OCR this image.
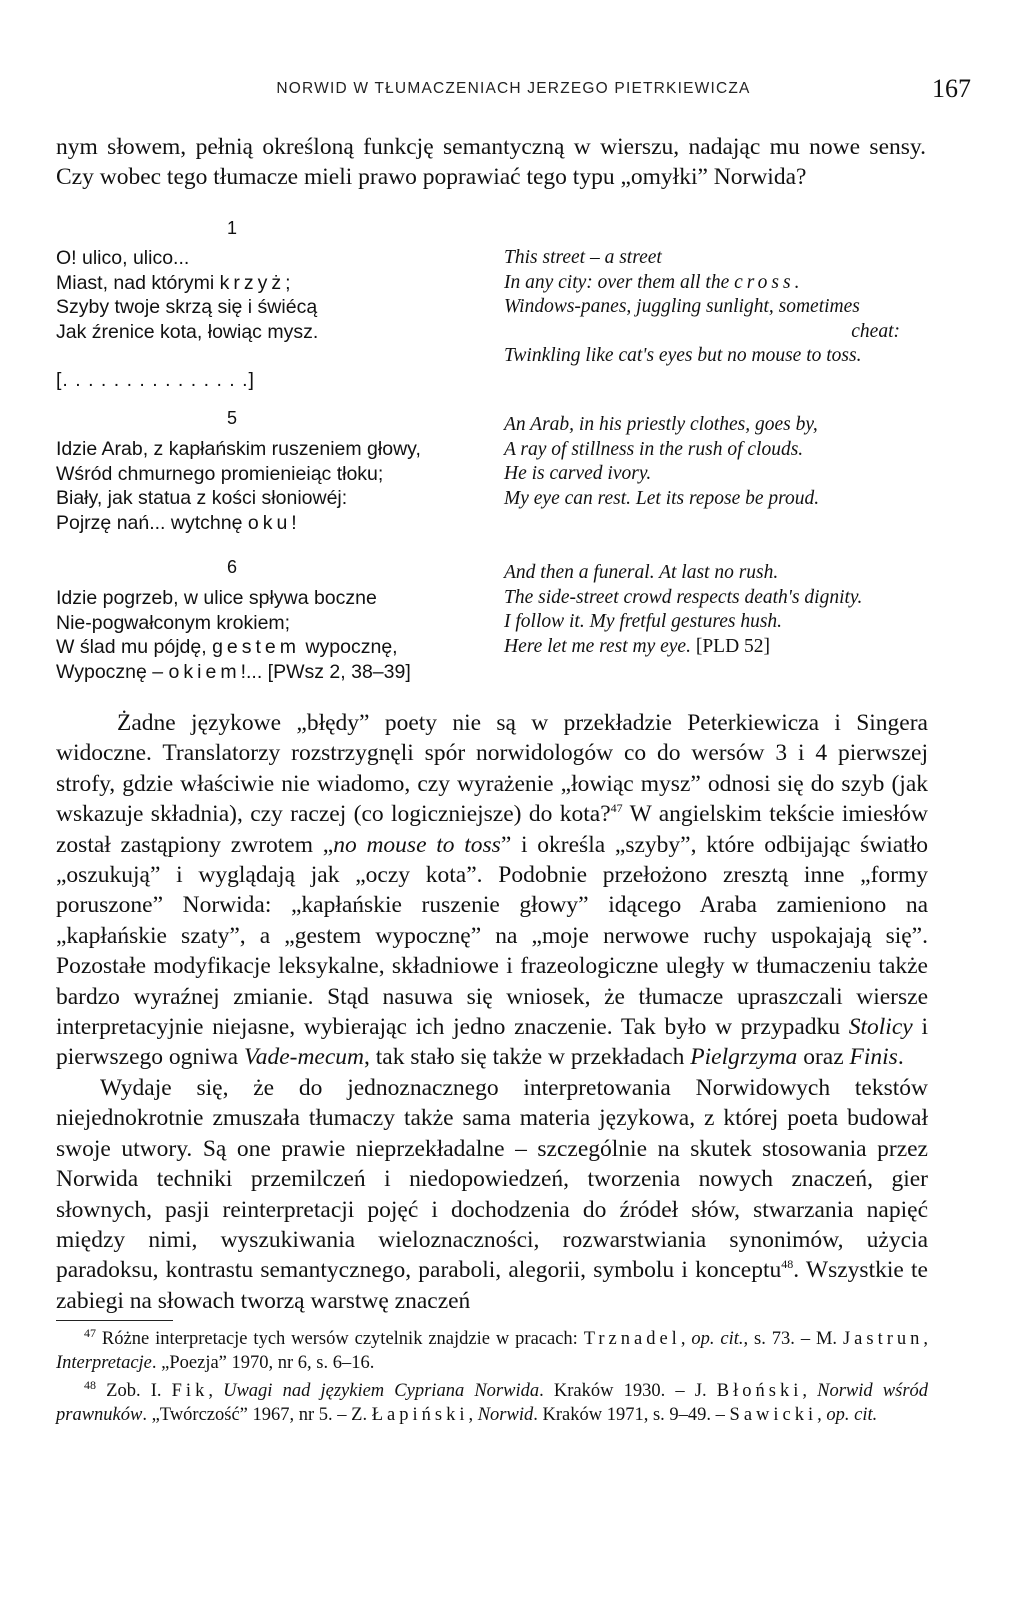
NORWID W TŁUMACZENIACH JERZEGO PIETRKIEWICZA	167
nym słowem, pełnią określoną funkcję semantyczną w wierszu, nadając mu nowe sensy. Czy wobec tego tłumacze mieli prawo poprawiać tego typu „omyłki” Norwida?
1
O! ulico, ulico...
Miast, nad którymi krzyż;
Szyby twoje skrzą się i świécą
Jak źrenice kota, łowiąc mysz.
This street – a street
In any city: over them all the cross.
Windows-panes, juggling sunlight, sometimes
cheat:
Twinkling like cat's eyes but no mouse to toss.
[. . . . . . . . . . . . . . .]
5
Idzie Arab, z kapłańskim ruszeniem głowy,
Wśród chmurnego promienieiąc tłoku;
Biały, jak statua z kości słoniowéj:
Pojrzę nań... wytchnę oku!
An Arab, in his priestly clothes, goes by,
A ray of stillness in the rush of clouds.
He is carved ivory.
My eye can rest. Let its repose be proud.
6
Idzie pogrzeb, w ulice spływa boczne
Nie-pogwałconym krokiem;
W ślad mu pójdę, gestem wypocznę,
Wypocznę – okiem!... [PWsz 2, 38–39]
And then a funeral. At last no rush.
The side-street crowd respects death's dignity.
I follow it. My fretful gestures hush.
Here let me rest my eye. [PLD 52]

Żadne językowe „błędy” poety nie są w przekładzie Peterkiewicza i Singera widoczne. Translatorzy rozstrzygnęli spór norwidologów co do wersów 3 i 4 pierwszej strofy, gdzie właściwie nie wiadomo, czy wyrażenie „łowiąc mysz” odnosi się do szyb (jak wskazuje składnia), czy raczej (co logiczniejsze) do kota?$^{47}$ W angielskim tekście imiesłów został zastąpiony zwrotem „no mouse to toss” i określa „szyby”, które odbijając światło „oszukują” i wyglądają jak „oczy kota”. Podobnie przełożono zresztą inne „formy poruszone” Norwida: „kapłańskie ruszenie głowy” idącego Araba zamieniono na „kapłańskie szaty”, a „gestem wypocznę” na „moje nerwowe ruchy uspokajają się”. Pozostałe modyfikacje leksykalne, składniowe i frazeologiczne uległy w tłumaczeniu także bardzo wyraźnej zmianie. Stąd nasuwa się wniosek, że tłumacze upraszczali wiersze interpretacyjnie niejasne, wybierając ich jedno znaczenie. Tak było w przypadku Stolicy i pierwszego ogniwa Vade-mecum, tak stało się także w przekładach Pielgrzyma oraz Finis.

Wydaje się, że do jednoznacznego interpretowania Norwidowych tekstów niejednokrotnie zmuszała tłumaczy także sama materia językowa, z której poeta budował swoje utwory. Są one prawie nieprzekładalne – szczególnie na skutek stosowania przez Norwida techniki przemilczeń i niedopowiedzeń, tworzenia nowych znaczeń, gier słownych, pasji reinterpretacji pojęć i dochodzenia do źródeł słów, stwarzania napięć między nimi, wyszukiwania wieloznaczności, rozwarstwiania synonimów, użycia paradoksu, kontrastu semantycznego, paraboli, alegorii, symbolu i konceptu$^{48}$. Wszystkie te zabiegi na słowach tworzą warstwę znaczeń

$^{47}$ Różne interpretacje tych wersów czytelnik znajdzie w pracach: Trznadel, op. cit., s. 73. – M. Jastrun, Interpretacje. „Poezja” 1970, nr 6, s. 6–16.

$^{48}$ Zob. I. Fik, Uwagi nad językiem Cypriana Norwida. Kraków 1930. – J. Błoński, Norwid wśród prawnuków. „Twórczość” 1967, nr 5. – Z. Łapiński, Norwid. Kraków 1971, s. 9–49. – Sawicki, op. cit.
